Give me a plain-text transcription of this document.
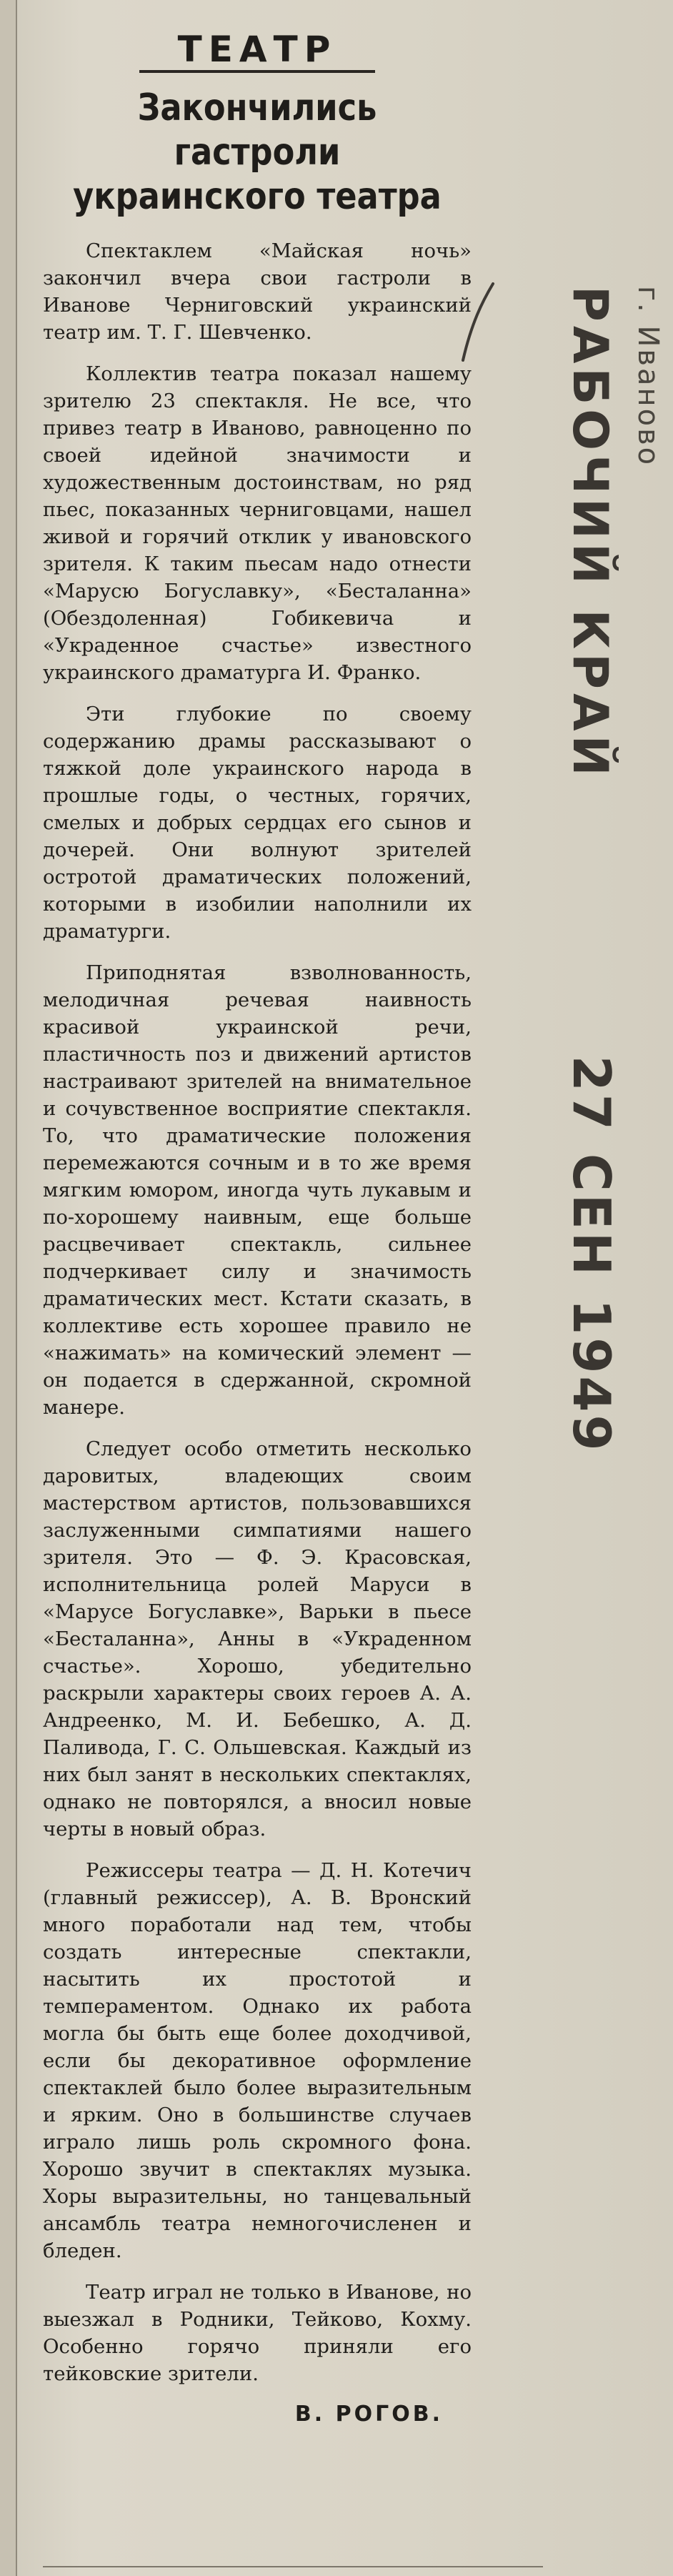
ТЕАТР
Закончились гастроли украинского театра

Спектаклем «Майская ночь» закончил вчера свои гастроли в Иванове Черниговский украинский театр им. Т. Г. Шевченко.

Коллектив театра показал нашему зрителю 23 спектакля. Не все, что привез театр в Иваново, равноценно по своей идейной значимости и художественным достоинствам, но ряд пьес, показанных черниговцами, нашел живой и горячий отклик у ивановского зрителя. К таким пьесам надо отнести «Марусю Богуславку», «Бесталанна» (Обездоленная) Гобикевича и «Украденное счастье» известного украинского драматурга И. Франко.

Эти глубокие по своему содержанию драмы рассказывают о тяжкой доле украинского народа в прошлые годы, о честных, горячих, смелых и добрых сердцах его сынов и дочерей. Они волнуют зрителей остротой драматических положений, которыми в изобилии наполнили их драматурги.

Приподнятая взволнованность, мелодичная речевая наивность красивой украинской речи, пластичность поз и движений артистов настраивают зрителей на внимательное и сочувственное восприятие спектакля. То, что драматические положения перемежаются сочным и в то же время мягким юмором, иногда чуть лукавым и по-хорошему наивным, еще больше расцвечивает спектакль, сильнее подчеркивает силу и значимость драматических мест. Кстати сказать, в коллективе есть хорошее правило не «нажимать» на комический элемент — он подается в сдержанной, скромной манере.

Следует особо отметить несколько даровитых, владеющих своим мастерством артистов, пользовавшихся заслуженными симпатиями нашего зрителя. Это — Ф. Э. Красовская, исполнительница ролей Маруси в «Марусе Богуславке», Варьки в пьесе «Бесталанна», Анны в «Украденном счастье». Хорошо, убедительно раскрыли характеры своих героев А. А. Андреенко, М. И. Бебешко, А. Д. Паливода, Г. С. Ольшевская. Каждый из них был занят в нескольких спектаклях, однако не повторялся, а вносил новые черты в новый образ.

Режиссеры театра — Д. Н. Котечич (главный режиссер), А. В. Вронский много поработали над тем, чтобы создать интересные спектакли, насытить их простотой и темпераментом. Однако их работа могла бы быть еще более доходчивой, если бы декоративное оформление спектаклей было более выразительным и ярким. Оно в большинстве случаев играло лишь роль скромного фона. Хорошо звучит в спектаклях музыка. Хоры выразительны, но танцевальный ансамбль театра немногочисленен и бледен.

Театр играл не только в Иванове, но выезжал в Родники, Тейково, Кохму. Особенно горячо приняли его тейковские зрители.

В. РОГОВ.
г. Иваново
РАБОЧИЙ КРАЙ 27 СЕН 1949
